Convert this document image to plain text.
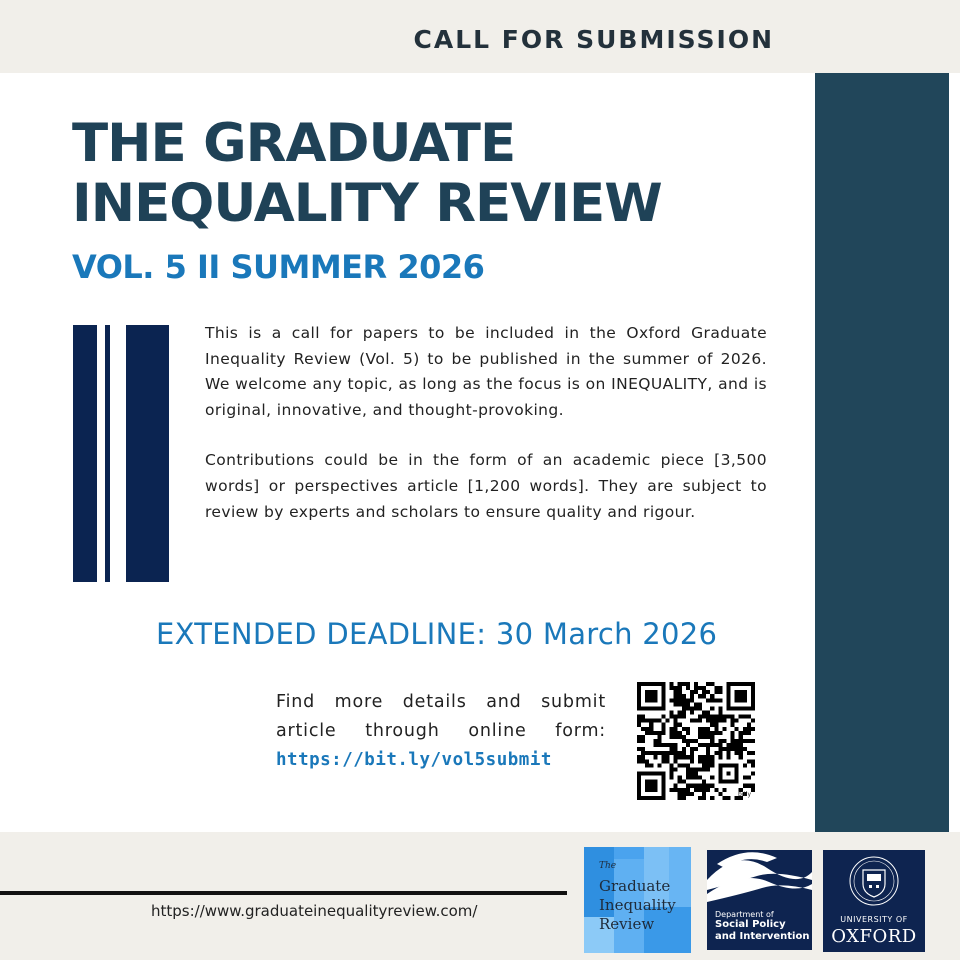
CALL FOR SUBMISSION
THE GRADUATE
INEQUALITY REVIEW
VOL. 5 II SUMMER 2026

This is a call for papers to be included in the Oxford Graduate Inequality Review (Vol. 5) to be published in the summer of 2026. We welcome any topic, as long as the focus is on INEQUALITY, and is original, innovative, and thought-provoking.

Contributions could be in the form of an academic piece [3,500 words] or perspectives article [1,200 words]. They are subject to review by experts and scholars to ensure quality and rigour.

EXTENDED DEADLINE: 30 March 2026
Find more details and submit article through online form:
https://bit.ly/vol5submit
bitly
https://www.graduateinequalityreview.com/
The
Graduate
Inequality
Review
Department of
Social Policy
and Intervention
UNIVERSITY OF
OXFORD
